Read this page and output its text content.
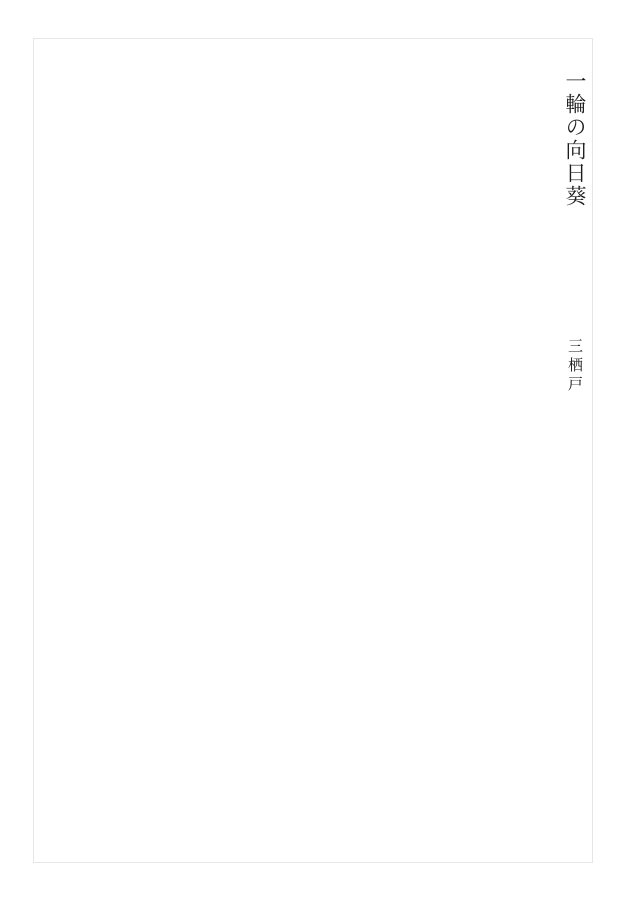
一輪の向日葵
三栖戸
